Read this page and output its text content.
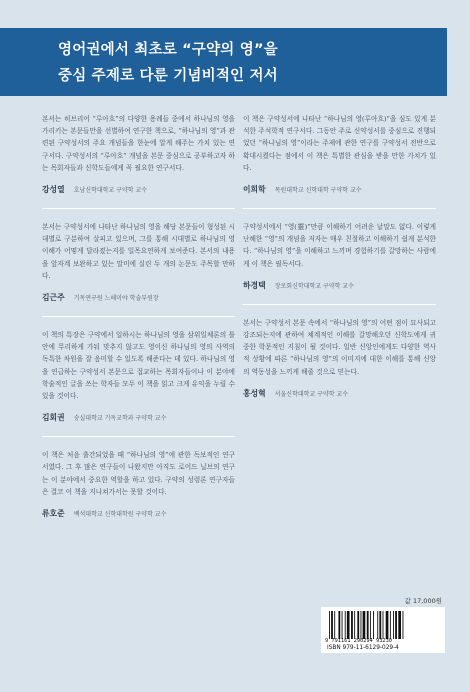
영어권에서 최초로 “구약의 영”을
중심 주제로 다룬 기념비적인 저서

본서는 히브리어 “루아흐”의 다양한 용례들 중에서 하나님의 영을 가리키는 본문들만을 선별하여 연구한 책으로, “하나님의 영”과 관련된 구약성서의 주요 개념들을 한눈에 알게 해주는 가치 있는 연구서다. 구약성서의 “루아흐” 개념을 본문 중심으로 공부하고자 하는 목회자들과 신학도들에게 꼭 필요한 연구서다.

강성열 호남신학대학교 구약학 교수

본서는 구약성서에 나타난 하나님의 영을 해당 본문들이 형성된 시대별로 구분하여 살피고 있으며, 그를 통해 시대별로 하나님의 영 이해가 어떻게 달라졌는지를 일목요연하게 보여준다. 본서의 내용을 앞자계 보완하고 있는 말미에 실린 두 개의 논문도 주목할 만하다.

김근주 기독연구원 느헤미야 학술부원장

이 책의 특장은 구약에서 일하시는 하나님의 영을 삼위일체론의 틀 안에 무리하게 가둬 맞추지 않고도 영이신 하나님의 영의 사역의 독특한 차원을 잘 음미할 수 있도록 해준다는 데 있다. 하나님의 영을 연급하는 구약성서 본문으로 접교하는 목회자들이나 이 분야에 학술적인 글을 쓰는 학자들 모두 이 책을 읽고 크게 유익을 누릴 수 있을 것이다.

김회권 숭실대학교 기독교학과 구약학 교수

이 책은 처음 출간되었을 때 “하나님의 영”에 관한 독보적인 연구서였다. 그 후 많은 연구들이 나왔지만 아직도 로이드 닐브의 연구는 이 분야에서 중요한 역할을 하고 있다. 구약의 성령론 연구자들은 결코 이 책을 지나쳐가서는 못할 것이다.

류호준 백석대학교 신학대학원 구약학 교수

이 책은 구약성서에 나타난 “하나님의 영(루아흐)”을 심도 있게 분석한 주석학적 연구서다. 그동안 주로 신약성서를 중심으로 진행되었던 “하나님의 영”이라는 주제에 관한 연구를 구약성서 전반으로 확대시켰다는 점에서 이 책은 특별한 관심을 받을 만한 가치가 있다.

이희학 목원대학교 신학대학 구약학 교수

구약성서에서 “영(靈)”만큼 이해하기 어려운 낱말도 없다. 이렇게 난해한 “영”의 개념을 저자는 매우 친절하고 이해하기 쉽게 분석한다. “하나님의 영”을 이해하고 느끼며 경험하기를 갈망하는 사람에게 이 책은 필독서다.

하경택 장로회신학대학교 구약학 교수

본서는 구약성서 본문 속에서 “하나님의 영”의 어떤 점이 묘사되고 강조되는지에 관하여 체계적인 이해를 갈망해오던 신학도에게 귀중한 학문적인 지침이 될 것이다. 일반 신앙인에게도 다양한 역사적 상황에 따른 “하나님의 영”의 이미지에 대한 이해를 통해 신앙의 역동성을 느끼게 해줄 것으로 믿는다.

홍성혁 서울신학대학교 구약학 교수
값 17,000원
9 791161 290294 93230
ISBN 979-11-6129-029-4
